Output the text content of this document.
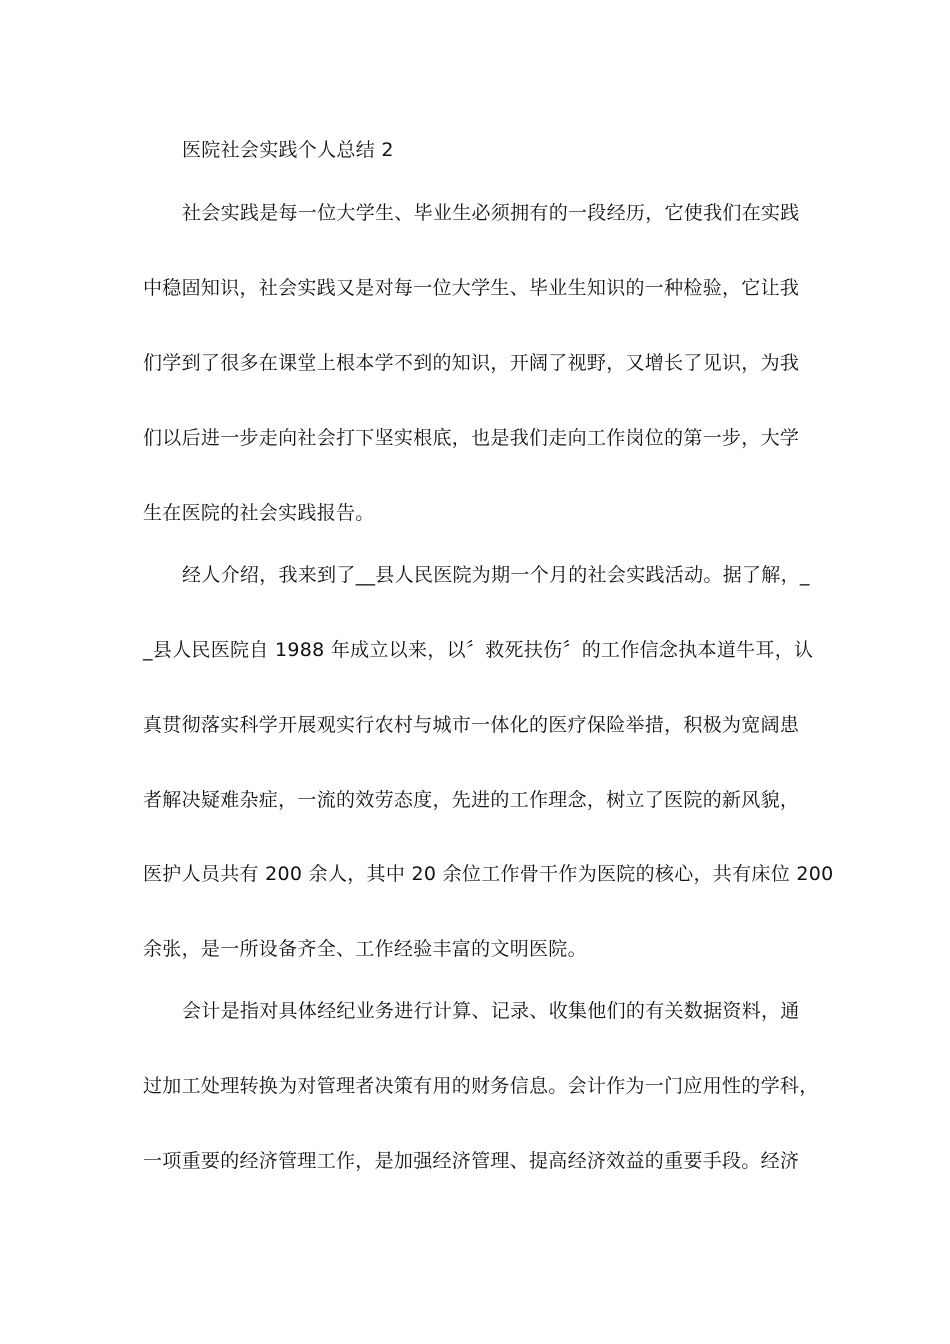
医院社会实践个人总结 2
社会实践是每一位大学生、毕业生必须拥有的一段经历，它使我们在实践
中稳固知识，社会实践又是对每一位大学生、毕业生知识的一种检验，它让我
们学到了很多在课堂上根本学不到的知识，开阔了视野，又增长了见识，为我
们以后进一步走向社会打下坚实根底，也是我们走向工作岗位的第一步，大学
生在医院的社会实践报告。
经人介绍，我来到了__县人民医院为期一个月的社会实践活动。据了解，_
_县人民医院自 1988 年成立以来，以〞救死扶伤〞的工作信念执本道牛耳，认
真贯彻落实科学开展观实行农村与城市一体化的医疗保险举措，积极为宽阔患
者解决疑难杂症，一流的效劳态度，先进的工作理念，树立了医院的新风貌，
医护人员共有 200 余人，其中 20 余位工作骨干作为医院的核心，共有床位 200
余张，是一所设备齐全、工作经验丰富的文明医院。
会计是指对具体经纪业务进行计算、记录、收集他们的有关数据资料，通
过加工处理转换为对管理者决策有用的财务信息。会计作为一门应用性的学科，
一项重要的经济管理工作，是加强经济管理、提高经济效益的重要手段。经济
